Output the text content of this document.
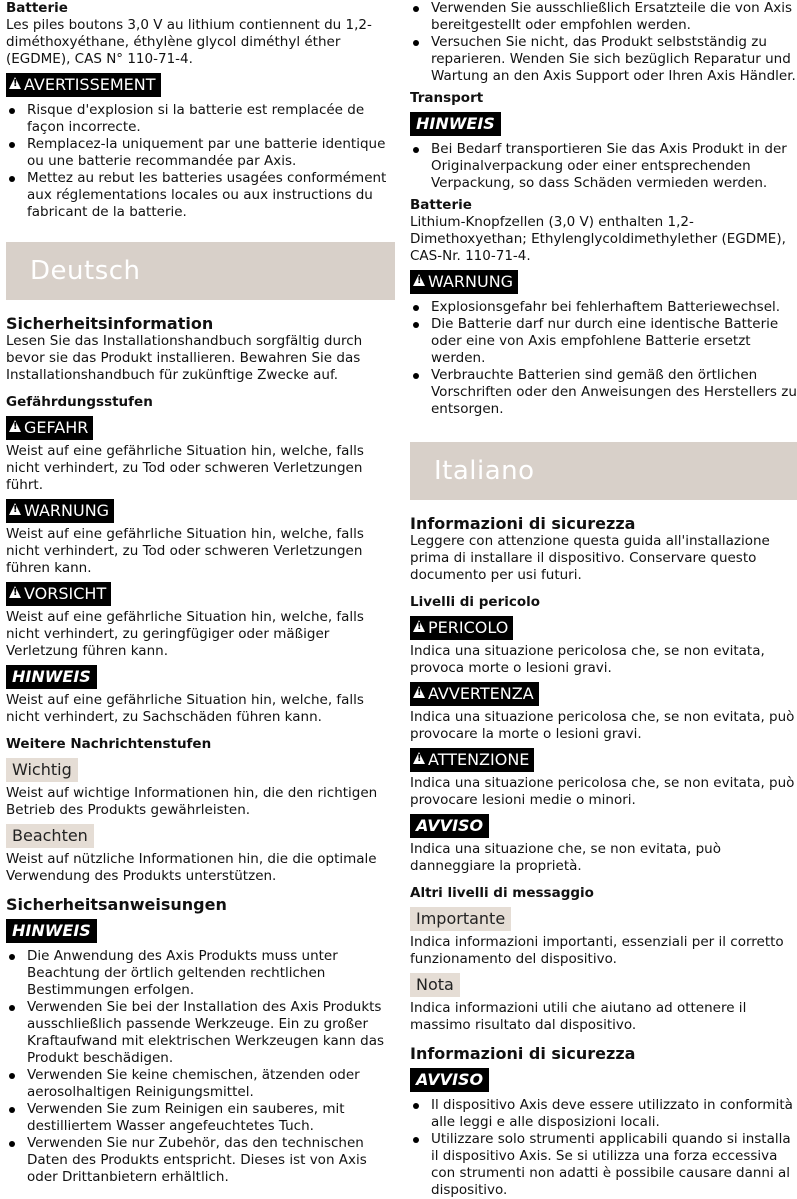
Batterie

Les piles boutons 3,0 V au lithium contiennent du 1,2-diméthoxyéthane, éthylène glycol diméthyl éther (EGDME), CAS N° 110-71-4.

!AVERTISSEMENT
Risque d'explosion si la batterie est remplacée de façon incorrecte.
Remplacez-la uniquement par une batterie identique ou une batterie recommandée par Axis.
Mettez au rebut les batteries usagées conformément aux réglementations locales ou aux instructions du fabricant de la batterie.
Deutsch
Sicherheitsinformation

Lesen Sie das Installationshandbuch sorgfältig durch bevor sie das Produkt installieren. Bewahren Sie das Installationshandbuch für zukünftige Zwecke auf.

Gefährdungsstufen
!GEFAHR

Weist auf eine gefährliche Situation hin, welche, falls nicht verhindert, zu Tod oder schweren Verletzungen führt.

!WARNUNG

Weist auf eine gefährliche Situation hin, welche, falls nicht verhindert, zu Tod oder schweren Verletzungen führen kann.

!VORSICHT

Weist auf eine gefährliche Situation hin, welche, falls nicht verhindert, zu geringfügiger oder mäßiger Verletzung führen kann.

HINWEIS

Weist auf eine gefährliche Situation hin, welche, falls nicht verhindert, zu Sachschäden führen kann.

Weitere Nachrichtenstufen
Wichtig

Weist auf wichtige Informationen hin, die den richtigen Betrieb des Produkts gewährleisten.

Beachten

Weist auf nützliche Informationen hin, die die optimale Verwendung des Produkts unterstützen.

Sicherheitsanweisungen
HINWEIS
Die Anwendung des Axis Produkts muss unter Beachtung der örtlich geltenden rechtlichen Bestimmungen erfolgen.
Verwenden Sie bei der Installation des Axis Produkts ausschließlich passende Werkzeuge. Ein zu großer Kraftaufwand mit elektrischen Werkzeugen kann das Produkt beschädigen.
Verwenden Sie keine chemischen, ätzenden oder aerosolhaltigen Reinigungsmittel.
Verwenden Sie zum Reinigen ein sauberes, mit destilliertem Wasser angefeuchtetes Tuch.
Verwenden Sie nur Zubehör, das den technischen Daten des Produkts entspricht. Dieses ist von Axis oder Drittanbietern erhältlich.
Verwenden Sie ausschließlich Ersatzteile die von Axis bereitgestellt oder empfohlen werden.
Versuchen Sie nicht, das Produkt selbstständig zu reparieren. Wenden Sie sich bezüglich Reparatur und Wartung an den Axis Support oder Ihren Axis Händler.
Transport
HINWEIS
Bei Bedarf transportieren Sie das Axis Produkt in der Originalverpackung oder einer entsprechenden Verpackung, so dass Schäden vermieden werden.
Batterie

Lithium-Knopfzellen (3,0 V) enthalten 1,2-Dimethoxyethan; Ethylenglycoldimethylether (EGDME), CAS-Nr. 110-71-4.

!WARNUNG
Explosionsgefahr bei fehlerhaftem Batteriewechsel.
Die Batterie darf nur durch eine identische Batterie oder eine von Axis empfohlene Batterie ersetzt werden.
Verbrauchte Batterien sind gemäß den örtlichen Vorschriften oder den Anweisungen des Herstellers zu entsorgen.
Italiano
Informazioni di sicurezza

Leggere con attenzione questa guida all'installazione prima di installare il dispositivo. Conservare questo documento per usi futuri.

Livelli di pericolo
!PERICOLO

Indica una situazione pericolosa che, se non evitata, provoca morte o lesioni gravi.

!AVVERTENZA

Indica una situazione pericolosa che, se non evitata, può provocare la morte o lesioni gravi.

!ATTENZIONE

Indica una situazione pericolosa che, se non evitata, può provocare lesioni medie o minori.

AVVISO

Indica una situazione che, se non evitata, può danneggiare la proprietà.

Altri livelli di messaggio
Importante

Indica informazioni importanti, essenziali per il corretto funzionamento del dispositivo.

Nota

Indica informazioni utili che aiutano ad ottenere il massimo risultato dal dispositivo.

Informazioni di sicurezza
AVVISO
Il dispositivo Axis deve essere utilizzato in conformità alle leggi e alle disposizioni locali.
Utilizzare solo strumenti applicabili quando si installa il dispositivo Axis. Se si utilizza una forza eccessiva con strumenti non adatti è possibile causare danni al dispositivo.
